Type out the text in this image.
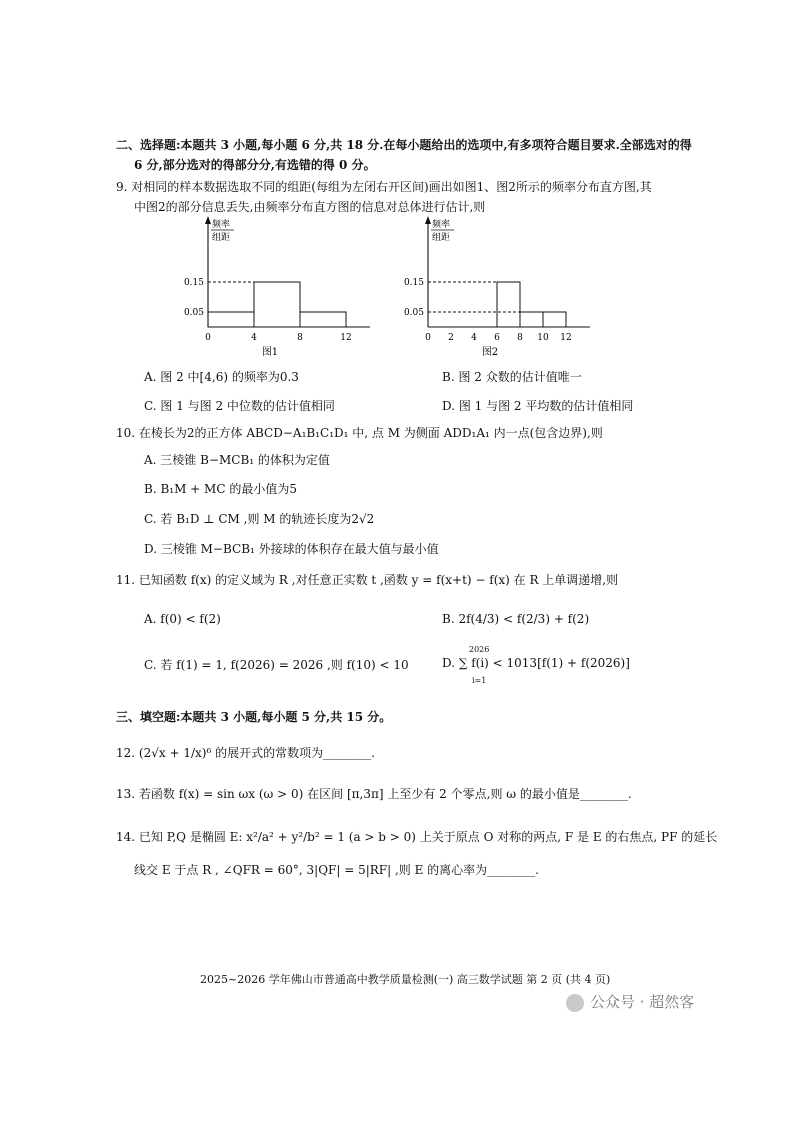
二、选择题:本题共 3 小题,每小题 6 分,共 18 分.在每小题给出的选项中,有多项符合题目要求.全部选对的得
6 分,部分选对的得部分分,有选错的得 0 分。
9. 对相同的样本数据选取不同的组距(每组为左闭右开区间)画出如图1、图2所示的频率分布直方图,其
中图2的部分信息丢失,由频率分布直方图的信息对总体进行估计,则
频率
组距
0.15
0.05
0	4	8	12
图1
频率
组距
0.15
0.05
0 2 4 6 8 10 12
图2
A. 图 2 中[4,6) 的频率为0.3	B. 图 2 众数的估计值唯一
C. 图 1 与图 2 中位数的估计值相同	D. 图 1 与图 2 平均数的估计值相同
10. 在棱长为2的正方体 ABCD−A₁B₁C₁D₁ 中, 点 M 为侧面 ADD₁A₁ 内一点(包含边界),则
A. 三棱锥 B−MCB₁ 的体积为定值
B. B₁M + MC 的最小值为5
C. 若 B₁D ⊥ CM ,则 M 的轨迹长度为2√2
D. 三棱锥 M−BCB₁ 外接球的体积存在最大值与最小值
11. 已知函数 f(x) 的定义域为 R ,对任意正实数 t ,函数 y = f(x+t) − f(x) 在 R 上单调递增,则
A. f(0) < f(2)	B. 2f(4/3) < f(2/3) + f(2)
C. 若 f(1) = 1, f(2026) = 2026 ,则 f(10) < 10
2026
i=1
D. ∑ f(i) < 1013[f(1) + f(2026)]
三、填空题:本题共 3 小题,每小题 5 分,共 15 分。
12. (2√x + 1/x)⁶ 的展开式的常数项为________.
13. 若函数 f(x) = sin ωx (ω > 0) 在区间 [π,3π] 上至少有 2 个零点,则 ω 的最小值是________.
14. 已知 P,Q 是椭圆 E: x²/a² + y²/b² = 1 (a > b > 0) 上关于原点 O 对称的两点, F 是 E 的右焦点, PF 的延长
线交 E 于点 R , ∠QFR = 60°, 3|QF| = 5|RF| ,则 E 的离心率为________.
2025~2026 学年佛山市普通高中教学质量检测(一) 高三数学试题 第 2 页 (共 4 页)
公众号 · 超然客
